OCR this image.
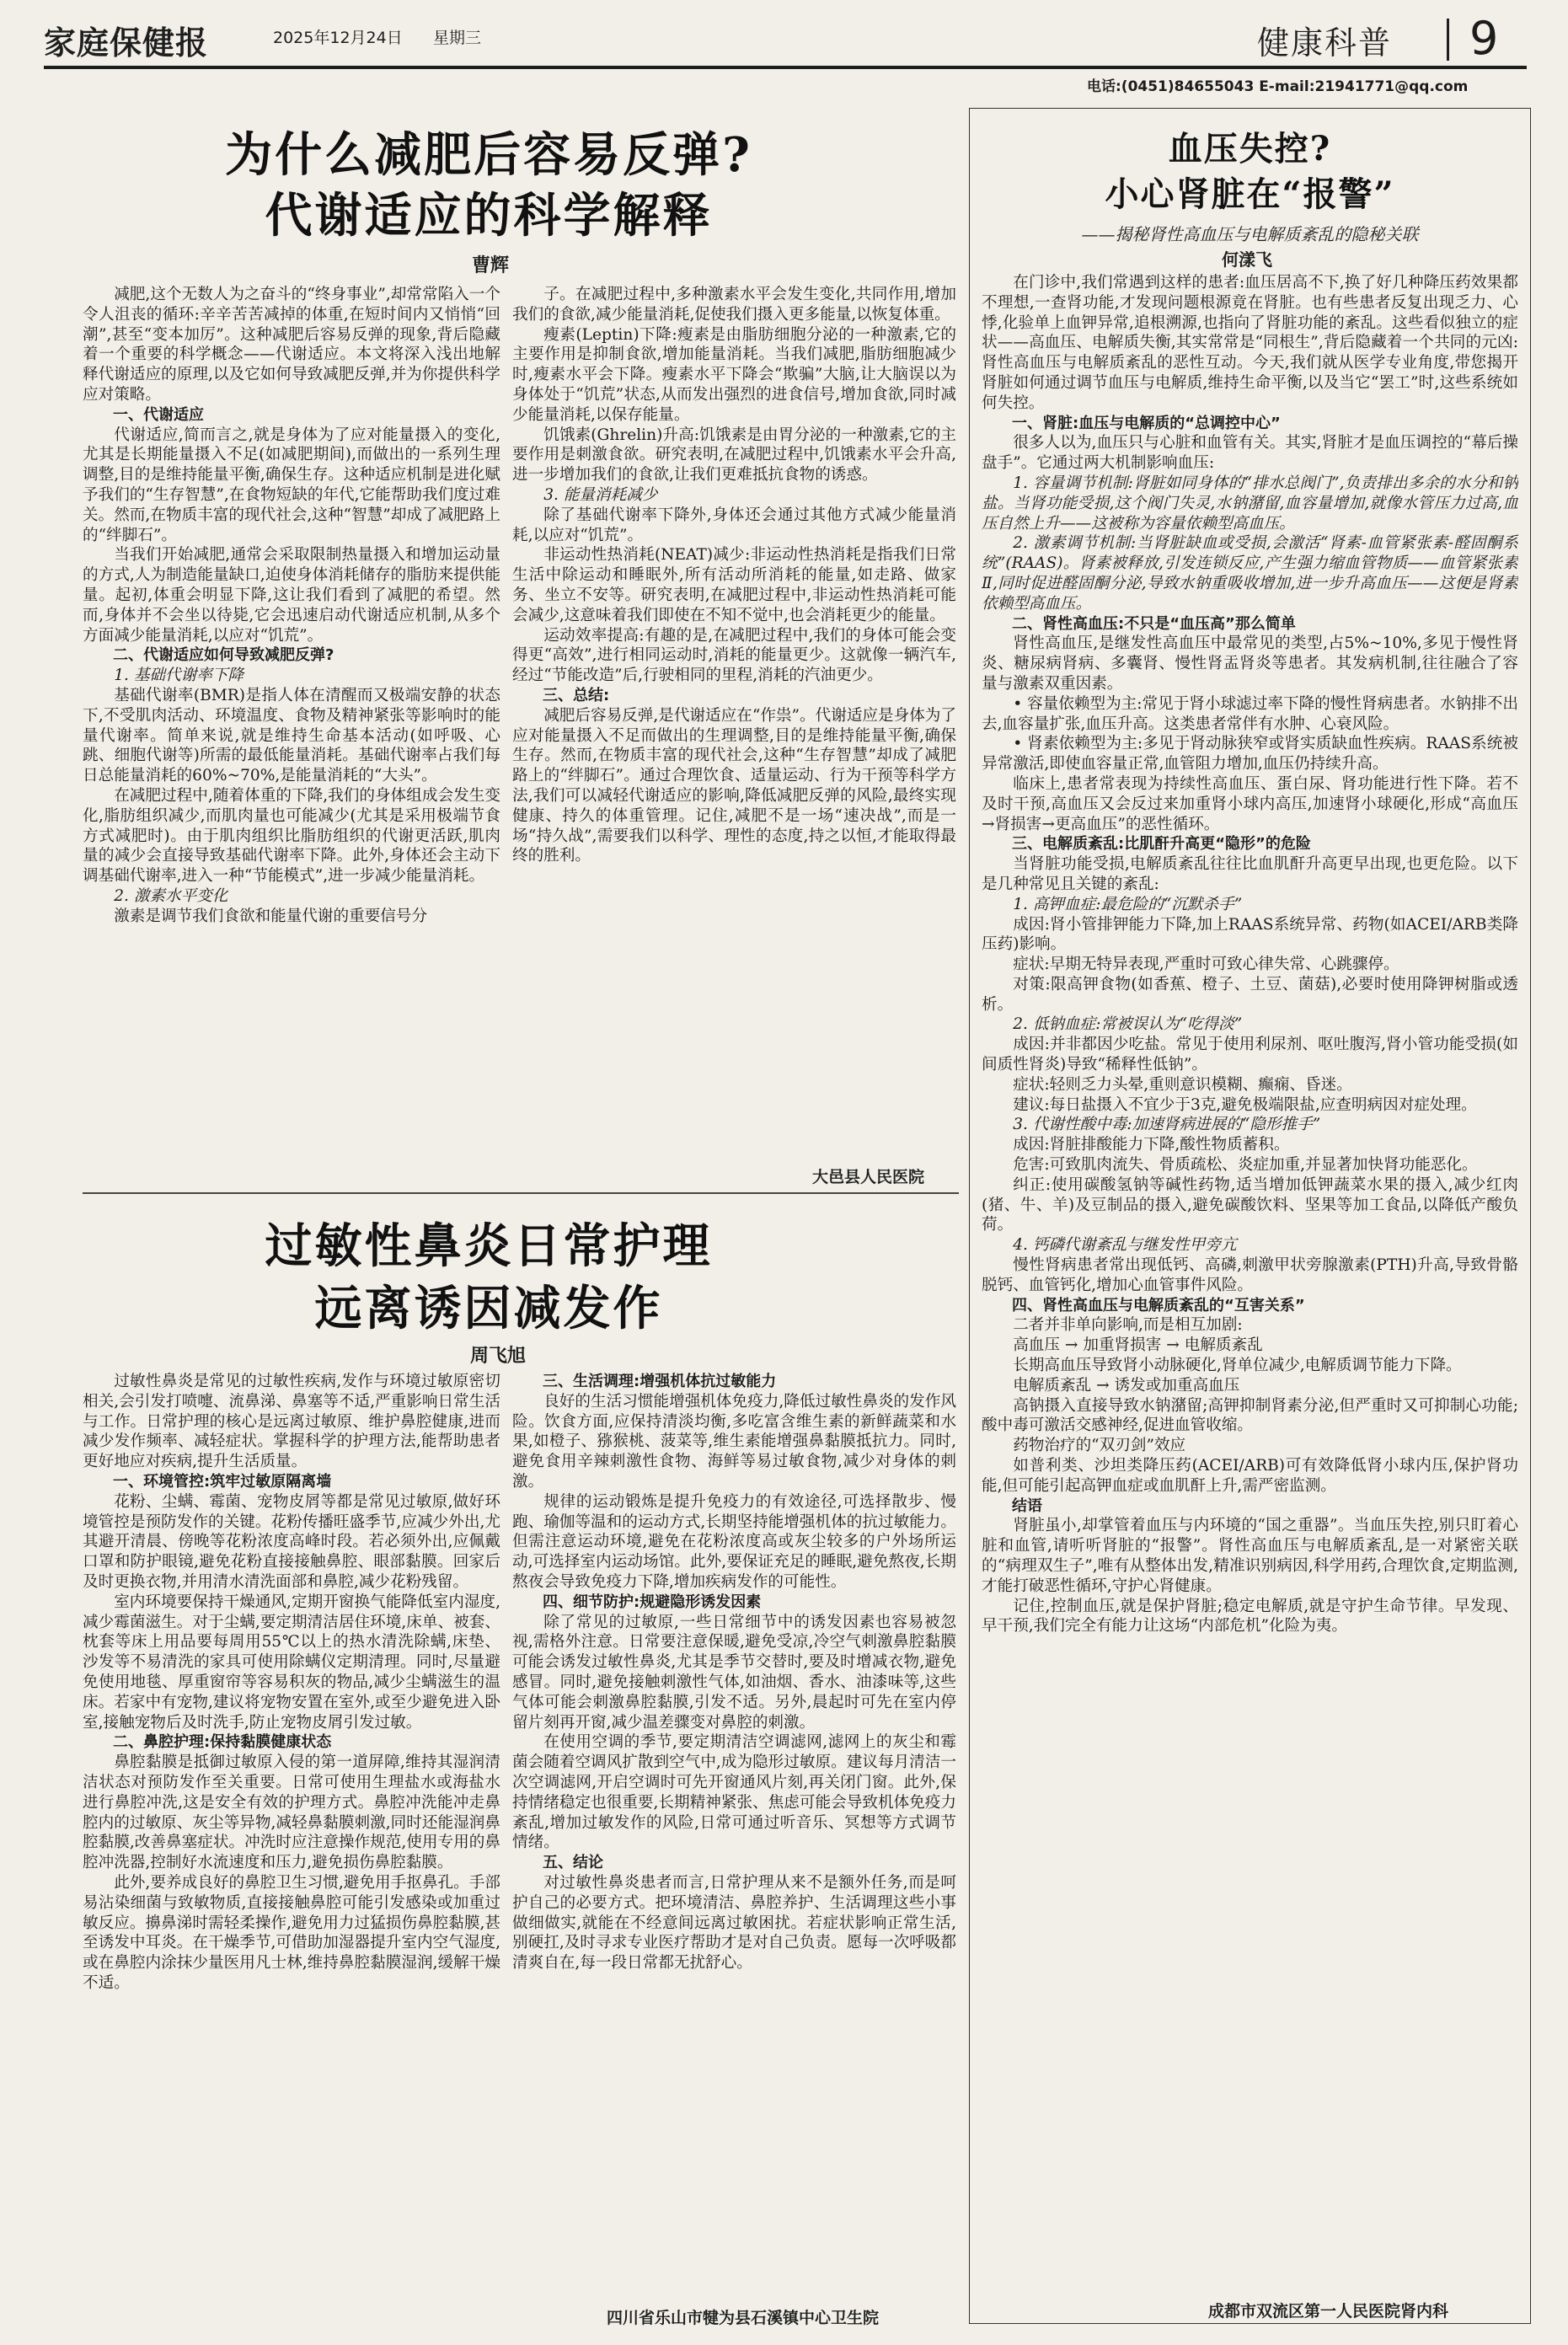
家庭保健报	2025年12月24日 星期三	健康科普 9
电话:(0451)84655043 E-mail:21941771@qq.com
为什么减肥后容易反弹?
代谢适应的科学解释
曹辉

减肥,这个无数人为之奋斗的“终身事业”,却常常陷入一个令人沮丧的循环:辛辛苦苦减掉的体重,在短时间内又悄悄“回潮”,甚至“变本加厉”。这种减肥后容易反弹的现象,背后隐藏着一个重要的科学概念——代谢适应。本文将深入浅出地解释代谢适应的原理,以及它如何导致减肥反弹,并为你提供科学应对策略。

一、代谢适应

代谢适应,简而言之,就是身体为了应对能量摄入的变化,尤其是长期能量摄入不足(如减肥期间),而做出的一系列生理调整,目的是维持能量平衡,确保生存。这种适应机制是进化赋予我们的“生存智慧”,在食物短缺的年代,它能帮助我们度过难关。然而,在物质丰富的现代社会,这种“智慧”却成了减肥路上的“绊脚石”。

当我们开始减肥,通常会采取限制热量摄入和增加运动量的方式,人为制造能量缺口,迫使身体消耗储存的脂肪来提供能量。起初,体重会明显下降,这让我们看到了减肥的希望。然而,身体并不会坐以待毙,它会迅速启动代谢适应机制,从多个方面减少能量消耗,以应对“饥荒”。

二、代谢适应如何导致减肥反弹?

1. 基础代谢率下降

基础代谢率(BMR)是指人体在清醒而又极端安静的状态下,不受肌肉活动、环境温度、食物及精神紧张等影响时的能量代谢率。简单来说,就是维持生命基本活动(如呼吸、心跳、细胞代谢等)所需的最低能量消耗。基础代谢率占我们每日总能量消耗的60%~70%,是能量消耗的“大头”。

在减肥过程中,随着体重的下降,我们的身体组成会发生变化,脂肪组织减少,而肌肉量也可能减少(尤其是采用极端节食方式减肥时)。由于肌肉组织比脂肪组织的代谢更活跃,肌肉量的减少会直接导致基础代谢率下降。此外,身体还会主动下调基础代谢率,进入一种“节能模式”,进一步减少能量消耗。

2. 激素水平变化

激素是调节我们食欲和能量代谢的重要信号分

子。在减肥过程中,多种激素水平会发生变化,共同作用,增加我们的食欲,减少能量消耗,促使我们摄入更多能量,以恢复体重。

瘦素(Leptin)下降:瘦素是由脂肪细胞分泌的一种激素,它的主要作用是抑制食欲,增加能量消耗。当我们减肥,脂肪细胞减少时,瘦素水平会下降。瘦素水平下降会“欺骗”大脑,让大脑误以为身体处于“饥荒”状态,从而发出强烈的进食信号,增加食欲,同时减少能量消耗,以保存能量。

饥饿素(Ghrelin)升高:饥饿素是由胃分泌的一种激素,它的主要作用是刺激食欲。研究表明,在减肥过程中,饥饿素水平会升高,进一步增加我们的食欲,让我们更难抵抗食物的诱惑。

3. 能量消耗减少

除了基础代谢率下降外,身体还会通过其他方式减少能量消耗,以应对“饥荒”。

非运动性热消耗(NEAT)减少:非运动性热消耗是指我们日常生活中除运动和睡眠外,所有活动所消耗的能量,如走路、做家务、坐立不安等。研究表明,在减肥过程中,非运动性热消耗可能会减少,这意味着我们即使在不知不觉中,也会消耗更少的能量。

运动效率提高:有趣的是,在减肥过程中,我们的身体可能会变得更“高效”,进行相同运动时,消耗的能量更少。这就像一辆汽车,经过“节能改造”后,行驶相同的里程,消耗的汽油更少。

三、总结:

减肥后容易反弹,是代谢适应在“作祟”。代谢适应是身体为了应对能量摄入不足而做出的生理调整,目的是维持能量平衡,确保生存。然而,在物质丰富的现代社会,这种“生存智慧”却成了减肥路上的“绊脚石”。通过合理饮食、适量运动、行为干预等科学方法,我们可以减轻代谢适应的影响,降低减肥反弹的风险,最终实现健康、持久的体重管理。记住,减肥不是一场“速决战”,而是一场“持久战”,需要我们以科学、理性的态度,持之以恒,才能取得最终的胜利。

大邑县人民医院
过敏性鼻炎日常护理
远离诱因减发作
周飞旭

过敏性鼻炎是常见的过敏性疾病,发作与环境过敏原密切相关,会引发打喷嚏、流鼻涕、鼻塞等不适,严重影响日常生活与工作。日常护理的核心是远离过敏原、维护鼻腔健康,进而减少发作频率、减轻症状。掌握科学的护理方法,能帮助患者更好地应对疾病,提升生活质量。

一、环境管控:筑牢过敏原隔离墙

花粉、尘螨、霉菌、宠物皮屑等都是常见过敏原,做好环境管控是预防发作的关键。花粉传播旺盛季节,应减少外出,尤其避开清晨、傍晚等花粉浓度高峰时段。若必须外出,应佩戴口罩和防护眼镜,避免花粉直接接触鼻腔、眼部黏膜。回家后及时更换衣物,并用清水清洗面部和鼻腔,减少花粉残留。

室内环境要保持干燥通风,定期开窗换气能降低室内湿度,减少霉菌滋生。对于尘螨,要定期清洁居住环境,床单、被套、枕套等床上用品要每周用55℃以上的热水清洗除螨,床垫、沙发等不易清洗的家具可使用除螨仪定期清理。同时,尽量避免使用地毯、厚重窗帘等容易积灰的物品,减少尘螨滋生的温床。若家中有宠物,建议将宠物安置在室外,或至少避免进入卧室,接触宠物后及时洗手,防止宠物皮屑引发过敏。

二、鼻腔护理:保持黏膜健康状态

鼻腔黏膜是抵御过敏原入侵的第一道屏障,维持其湿润清洁状态对预防发作至关重要。日常可使用生理盐水或海盐水进行鼻腔冲洗,这是安全有效的护理方式。鼻腔冲洗能冲走鼻腔内的过敏原、灰尘等异物,减轻鼻黏膜刺激,同时还能湿润鼻腔黏膜,改善鼻塞症状。冲洗时应注意操作规范,使用专用的鼻腔冲洗器,控制好水流速度和压力,避免损伤鼻腔黏膜。

此外,要养成良好的鼻腔卫生习惯,避免用手抠鼻孔。手部易沾染细菌与致敏物质,直接接触鼻腔可能引发感染或加重过敏反应。擤鼻涕时需轻柔操作,避免用力过猛损伤鼻腔黏膜,甚至诱发中耳炎。在干燥季节,可借助加湿器提升室内空气湿度,或在鼻腔内涂抹少量医用凡士林,维持鼻腔黏膜湿润,缓解干燥不适。

三、生活调理:增强机体抗过敏能力

良好的生活习惯能增强机体免疫力,降低过敏性鼻炎的发作风险。饮食方面,应保持清淡均衡,多吃富含维生素的新鲜蔬菜和水果,如橙子、猕猴桃、菠菜等,维生素能增强鼻黏膜抵抗力。同时,避免食用辛辣刺激性食物、海鲜等易过敏食物,减少对身体的刺激。

规律的运动锻炼是提升免疫力的有效途径,可选择散步、慢跑、瑜伽等温和的运动方式,长期坚持能增强机体的抗过敏能力。但需注意运动环境,避免在花粉浓度高或灰尘较多的户外场所运动,可选择室内运动场馆。此外,要保证充足的睡眠,避免熬夜,长期熬夜会导致免疫力下降,增加疾病发作的可能性。

四、细节防护:规避隐形诱发因素

除了常见的过敏原,一些日常细节中的诱发因素也容易被忽视,需格外注意。日常要注意保暖,避免受凉,冷空气刺激鼻腔黏膜可能会诱发过敏性鼻炎,尤其是季节交替时,要及时增减衣物,避免感冒。同时,避免接触刺激性气体,如油烟、香水、油漆味等,这些气体可能会刺激鼻腔黏膜,引发不适。另外,晨起时可先在室内停留片刻再开窗,减少温差骤变对鼻腔的刺激。

在使用空调的季节,要定期清洁空调滤网,滤网上的灰尘和霉菌会随着空调风扩散到空气中,成为隐形过敏原。建议每月清洁一次空调滤网,开启空调时可先开窗通风片刻,再关闭门窗。此外,保持情绪稳定也很重要,长期精神紧张、焦虑可能会导致机体免疫力紊乱,增加过敏发作的风险,日常可通过听音乐、冥想等方式调节情绪。

五、结论

对过敏性鼻炎患者而言,日常护理从来不是额外任务,而是呵护自己的必要方式。把环境清洁、鼻腔养护、生活调理这些小事做细做实,就能在不经意间远离过敏困扰。若症状影响正常生活,别硬扛,及时寻求专业医疗帮助才是对自己负责。愿每一次呼吸都清爽自在,每一段日常都无扰舒心。

四川省乐山市犍为县石溪镇中心卫生院
血压失控?
小心肾脏在“报警”
——揭秘肾性高血压与电解质紊乱的隐秘关联
何漾飞

在门诊中,我们常遇到这样的患者:血压居高不下,换了好几种降压药效果都不理想,一查肾功能,才发现问题根源竟在肾脏。也有些患者反复出现乏力、心悸,化验单上血钾异常,追根溯源,也指向了肾脏功能的紊乱。这些看似独立的症状——高血压、电解质失衡,其实常常是“同根生”,背后隐藏着一个共同的元凶:肾性高血压与电解质紊乱的恶性互动。今天,我们就从医学专业角度,带您揭开肾脏如何通过调节血压与电解质,维持生命平衡,以及当它“罢工”时,这些系统如何失控。

一、肾脏:血压与电解质的“总调控中心”

很多人以为,血压只与心脏和血管有关。其实,肾脏才是血压调控的“幕后操盘手”。它通过两大机制影响血压:

1. 容量调节机制:肾脏如同身体的“排水总阀门”,负责排出多余的水分和钠盐。当肾功能受损,这个阀门失灵,水钠潴留,血容量增加,就像水管压力过高,血压自然上升——这被称为容量依赖型高血压。

2. 激素调节机制:当肾脏缺血或受损,会激活“肾素-血管紧张素-醛固酮系统”(RAAS)。肾素被释放,引发连锁反应,产生强力缩血管物质——血管紧张素Ⅱ,同时促进醛固酮分泌,导致水钠重吸收增加,进一步升高血压——这便是肾素依赖型高血压。

二、肾性高血压:不只是“血压高”那么简单

肾性高血压,是继发性高血压中最常见的类型,占5%~10%,多见于慢性肾炎、糖尿病肾病、多囊肾、慢性肾盂肾炎等患者。其发病机制,往往融合了容量与激素双重因素。

• 容量依赖型为主:常见于肾小球滤过率下降的慢性肾病患者。水钠排不出去,血容量扩张,血压升高。这类患者常伴有水肿、心衰风险。

• 肾素依赖型为主:多见于肾动脉狭窄或肾实质缺血性疾病。RAAS系统被异常激活,即使血容量正常,血管阻力增加,血压仍持续升高。

临床上,患者常表现为持续性高血压、蛋白尿、肾功能进行性下降。若不及时干预,高血压又会反过来加重肾小球内高压,加速肾小球硬化,形成“高血压→肾损害→更高血压”的恶性循环。

三、电解质紊乱:比肌酐升高更“隐形”的危险

当肾脏功能受损,电解质紊乱往往比血肌酐升高更早出现,也更危险。以下是几种常见且关键的紊乱:

1. 高钾血症:最危险的“沉默杀手”

成因:肾小管排钾能力下降,加上RAAS系统异常、药物(如ACEI/ARB类降压药)影响。

症状:早期无特异表现,严重时可致心律失常、心跳骤停。

对策:限高钾食物(如香蕉、橙子、土豆、菌菇),必要时使用降钾树脂或透析。

2. 低钠血症:常被误认为“吃得淡”

成因:并非都因少吃盐。常见于使用利尿剂、呕吐腹泻,肾小管功能受损(如间质性肾炎)导致“稀释性低钠”。

症状:轻则乏力头晕,重则意识模糊、癫痫、昏迷。

建议:每日盐摄入不宜少于3克,避免极端限盐,应查明病因对症处理。

3. 代谢性酸中毒:加速肾病进展的“隐形推手”

成因:肾脏排酸能力下降,酸性物质蓄积。

危害:可致肌肉流失、骨质疏松、炎症加重,并显著加快肾功能恶化。

纠正:使用碳酸氢钠等碱性药物,适当增加低钾蔬菜水果的摄入,减少红肉(猪、牛、羊)及豆制品的摄入,避免碳酸饮料、坚果等加工食品,以降低产酸负荷。

4. 钙磷代谢紊乱与继发性甲旁亢

慢性肾病患者常出现低钙、高磷,刺激甲状旁腺激素(PTH)升高,导致骨骼脱钙、血管钙化,增加心血管事件风险。

四、肾性高血压与电解质紊乱的“互害关系”

二者并非单向影响,而是相互加剧:

高血压 → 加重肾损害 → 电解质紊乱

长期高血压导致肾小动脉硬化,肾单位减少,电解质调节能力下降。

电解质紊乱 → 诱发或加重高血压

高钠摄入直接导致水钠潴留;高钾抑制肾素分泌,但严重时又可抑制心功能;酸中毒可激活交感神经,促进血管收缩。

药物治疗的“双刃剑”效应

如普利类、沙坦类降压药(ACEI/ARB)可有效降低肾小球内压,保护肾功能,但可能引起高钾血症或血肌酐上升,需严密监测。

结语

肾脏虽小,却掌管着血压与内环境的“国之重器”。当血压失控,别只盯着心脏和血管,请听听肾脏的“报警”。肾性高血压与电解质紊乱,是一对紧密关联的“病理双生子”,唯有从整体出发,精准识别病因,科学用药,合理饮食,定期监测,才能打破恶性循环,守护心肾健康。

记住,控制血压,就是保护肾脏;稳定电解质,就是守护生命节律。早发现、早干预,我们完全有能力让这场“内部危机”化险为夷。

成都市双流区第一人民医院肾内科
